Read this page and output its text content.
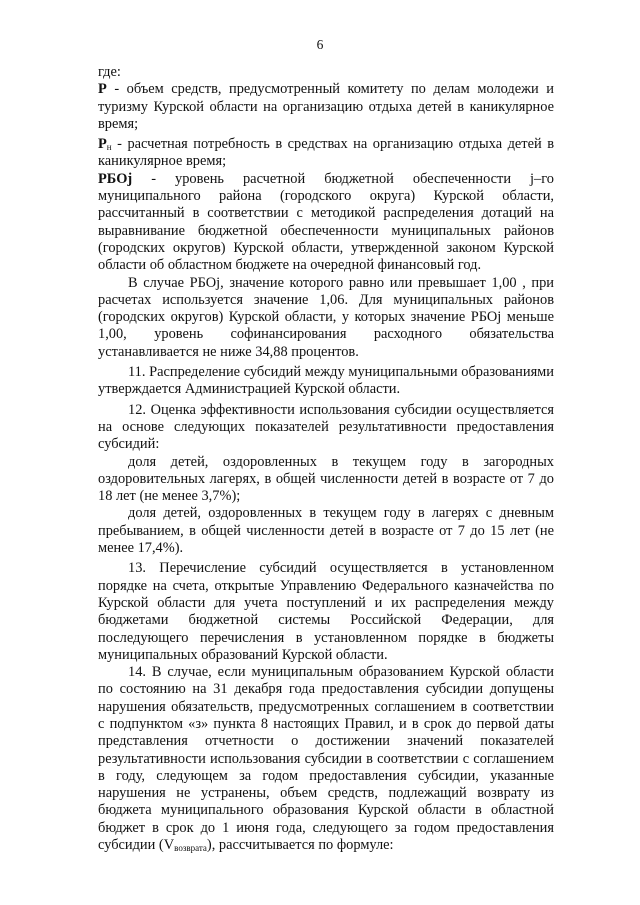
6

где:

Р - объем средств, предусмотренный комитету по делам молодежи и туризму Курской области на организацию отдыха детей в каникулярное время;

$Р_н$ - расчетная потребность в средствах на организацию отдыха детей в каникулярное время;

РБОj - уровень расчетной бюджетной обеспеченности j–го муниципального района (городского округа) Курской области, рассчитанный в соответствии с методикой распределения дотаций на выравнивание бюджетной обеспеченности муниципальных районов (городских округов) Курской области, утвержденной законом Курской области об областном бюджете на очередной финансовый год.

В случае РБОj, значение которого равно или превышает 1,00 , при расчетах используется значение 1,06. Для муниципальных районов (городских округов) Курской области, у которых значение РБОj меньше 1,00, уровень софинансирования расходного обязательства устанавливается не ниже 34,88 процентов.

11. Распределение субсидий между муниципальными образованиями утверждается Администрацией Курской области.

12. Оценка эффективности использования субсидии осуществляется на основе следующих показателей результативности предоставления субсидий:

доля детей, оздоровленных в текущем году в загородных оздоровительных лагерях, в общей численности детей в возрасте от 7 до 18 лет (не менее 3,7%);

доля детей, оздоровленных в текущем году в лагерях с дневным пребыванием, в общей численности детей в возрасте от 7 до 15 лет (не менее 17,4%).

13. Перечисление субсидий осуществляется в установленном порядке на счета, открытые Управлению Федерального казначейства по Курской области для учета поступлений и их распределения между бюджетами бюджетной системы Российской Федерации, для последующего перечисления в установленном порядке в бюджеты муниципальных образований Курской области.

14. В случае, если муниципальным образованием Курской области по состоянию на 31 декабря года предоставления субсидии допущены нарушения обязательств, предусмотренных соглашением в соответствии с подпунктом «з» пункта 8 настоящих Правил, и в срок до первой даты представления отчетности о достижении значений показателей результативности использования субсидии в соответствии с соглашением в году, следующем за годом предоставления субсидии, указанные нарушения не устранены, объем средств, подлежащий возврату из бюджета муниципального образования Курской области в областной бюджет в срок до 1 июня года, следующего за годом предоставления субсидии $(V_{возврата})$, рассчитывается по формуле:
